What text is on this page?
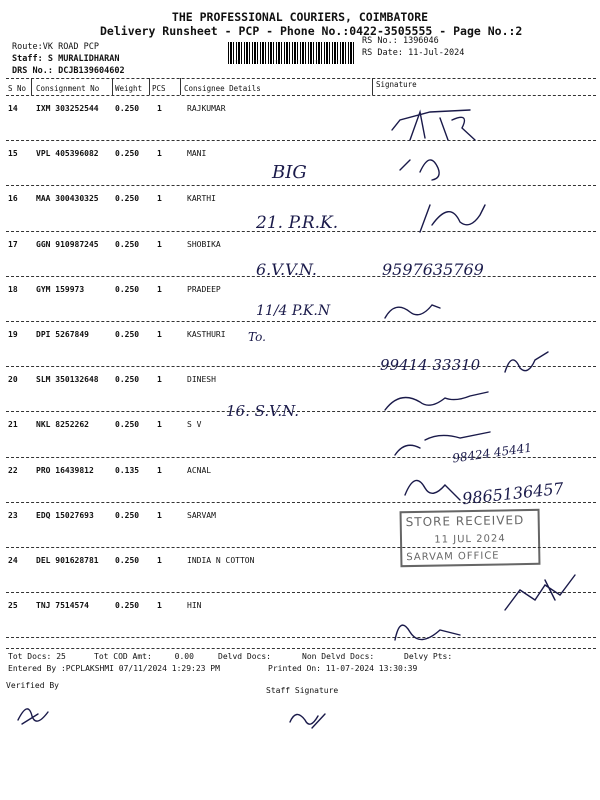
THE PROFESSIONAL COURIERS, COIMBATORE
Delivery Runsheet - PCP - Phone No.:0422-3505555 - Page No.:2
Route:VK ROAD PCP
Staff: S MURALIDHARAN
DRS No.: DCJB139604602
RS No.: 1396046
RS Date: 11-Jul-2024
S No Consignment No Weight PCS Consignee Details	Signature
14 IXM 303252544 0.250 1	RAJKUMAR
15 VPL 405396082 0.250 1	MANI
16 MAA 300430325 0.250 1	KARTHI
17 GGN 910987245 0.250 1	SHOBIKA
18 GYM 159973	0.250 1	PRADEEP
19 DPI 5267849	0.250 1	KASTHURI
20 SLM 350132648 0.250 1	DINESH
21 NKL 8252262	0.250 1	S V
22 PRO 16439812	0.135 1	ACNAL
23 EDQ 15027693	0.250 1	SARVAM
24 DEL 901628781 0.250 1	INDIA N COTTON
25 TNJ 7514574	0.250 1	HIN
BIG
21. P.R.K.
6.V.V.N.	9597635769
11/4 P.K.N
To.
99414 33310
16. S.V.N.
98424 45441
9865136457
STORE RECEIVED
11 JUL 2024
SARVAM OFFICE
Tot Docs: 25	Tot COD Amt:	0.00	Delvd Docs:	Non Delvd Docs:	Delvy Pts:
Entered By :PCPLAKSHMI 07/11/2024 1:29:23 PM	Printed On: 11-07-2024 13:30:39
Verified By
Staff Signature
